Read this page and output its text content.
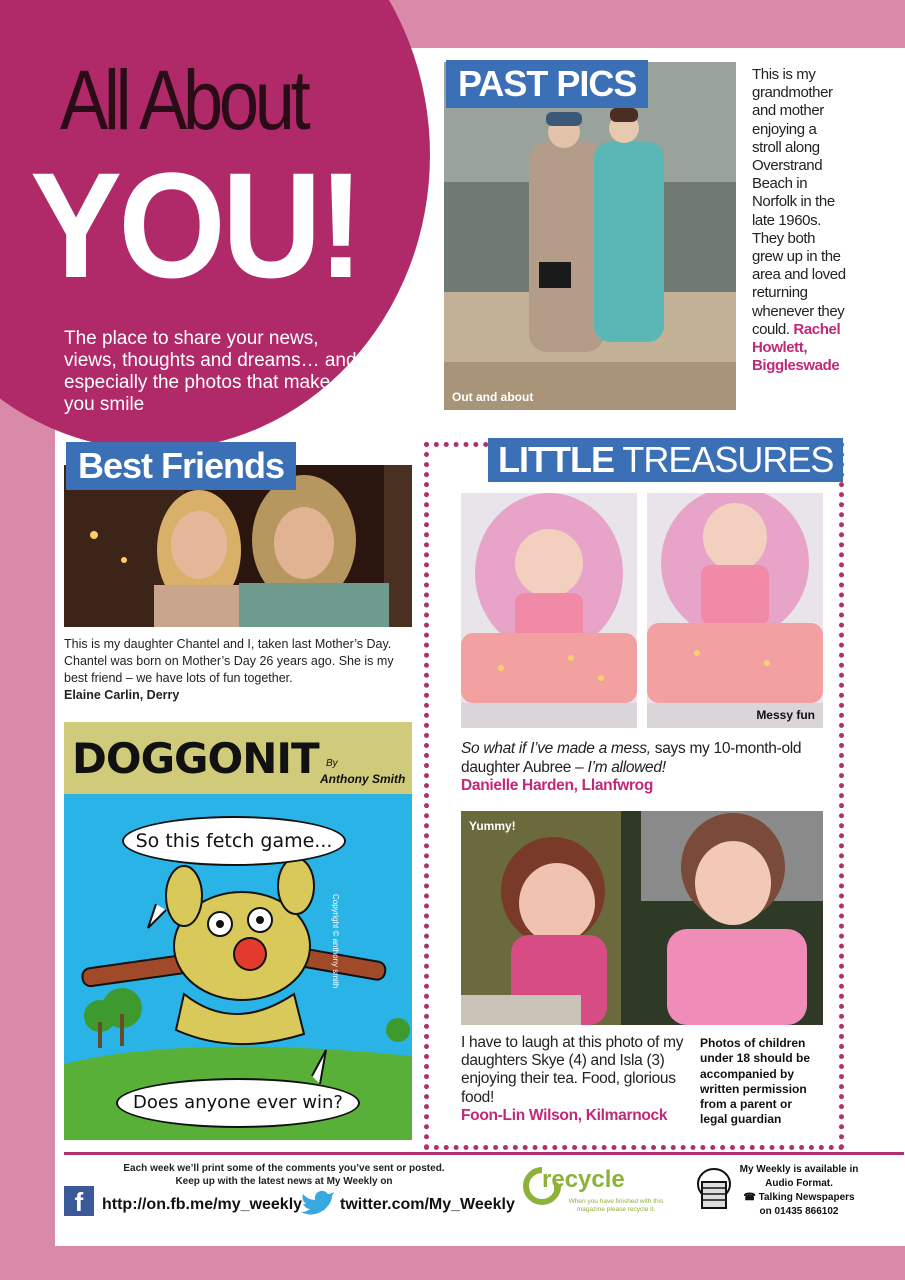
All About
YOU!
The place to share your news, views, thoughts and dreams… and especially the photos that make you smile	Out and about
PAST PICS	This is my grandmother and mother enjoying a stroll along Overstrand Beach in Norfolk in the late 1960s. They both grew up in the area and loved returning whenever they could. Rachel Howlett, Biggleswade
Best Friends
This is my daughter Chantel and I, taken last Mother’s Day. Chantel was born on Mother’s Day 26 years ago. She is my best friend – we have lots of fun together.
Elaine Carlin, Derry
DOGGONIT By
Anthony Smith
So this fetch game...
Does anyone ever win?
Copyright © anthony smith
LITTLE TREASURES
Messy fun
So what if I’ve made a mess, says my 10-month-old daughter Aubree – I’m allowed!
Danielle Harden, Llanfwrog
Yummy!
I have to laugh at this photo of my daughters Skye (4) and Isla (3) enjoying their tea. Food, glorious food!
Foon-Lin Wilson, Kilmarnock
Photos of children under 18 should be accompanied by written permission from a parent or legal guardian
Each week we’ll print some of the comments you’ve sent or posted.
Keep up with the latest news at My Weekly on
f	http://on.fb.me/my_weekly twitter.com/My_Weekly
recycle
When you have finished with this magazine please recycle it.
My Weekly is available in Audio Format.
☎ Talking Newspapers on 01435 866102
